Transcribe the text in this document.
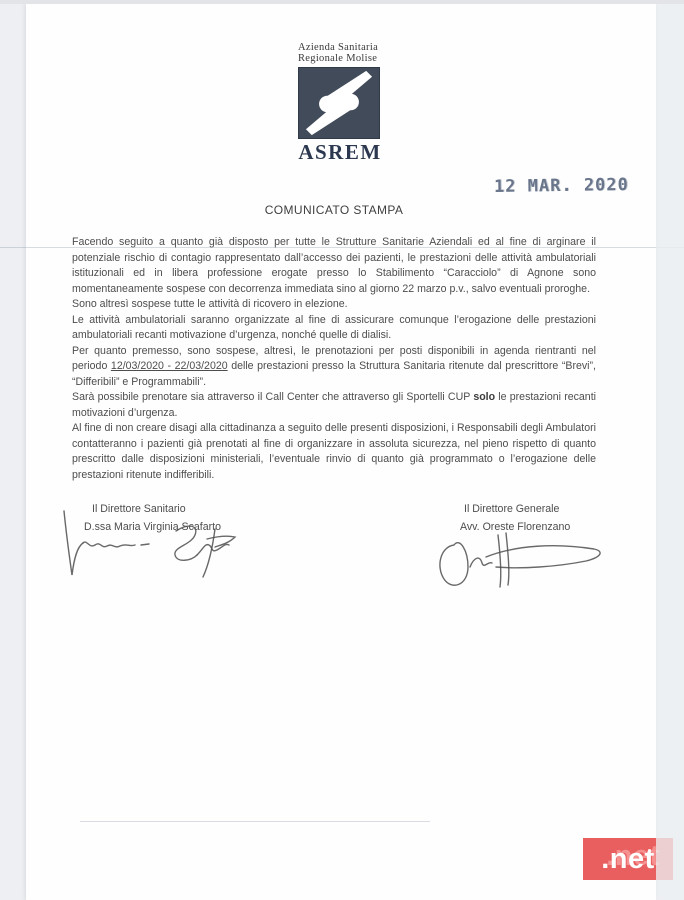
Azienda Sanitaria
Regionale Molise
ASREM
12 MAR. 2020
COMUNICATO STAMPA

Facendo seguito a quanto già disposto per tutte le Strutture Sanitarie Aziendali ed al fine di arginare il potenziale rischio di contagio rappresentato dall’accesso dei pazienti, le prestazioni delle attività ambulatoriali istituzionali ed in libera professione erogate presso lo Stabilimento “Caracciolo” di Agnone sono momentaneamente sospese con decorrenza immediata sino al giorno 22 marzo p.v., salvo eventuali proroghe.

Sono altresì sospese tutte le attività di ricovero in elezione.

Le attività ambulatoriali saranno organizzate al fine di assicurare comunque l’erogazione delle prestazioni ambulatoriali recanti motivazione d’urgenza, nonché quelle di dialisi.

Per quanto premesso, sono sospese, altresì, le prenotazioni per posti disponibili in agenda rientranti nel periodo 12/03/2020 - 22/03/2020 delle prestazioni presso la Struttura Sanitaria ritenute dal prescrittore “Brevi”, “Differibili” e Programmabili”.

Sarà possibile prenotare sia attraverso il Call Center che attraverso gli Sportelli CUP solo le prestazioni recanti motivazioni d’urgenza.

Al fine di non creare disagi alla cittadinanza a seguito delle presenti disposizioni, i Responsabili degli Ambulatori contatteranno i pazienti già prenotati al fine di organizzare in assoluta sicurezza, nel pieno rispetto di quanto prescritto dalle disposizioni ministeriali, l’eventuale rinvio di quanto già programmato o l’erogazione delle prestazioni ritenute indifferibili.

Il Direttore Sanitario
D.ssa Maria Virginia Scafarto
Il Direttore Generale
Avv. Oreste Florenzano
.net
